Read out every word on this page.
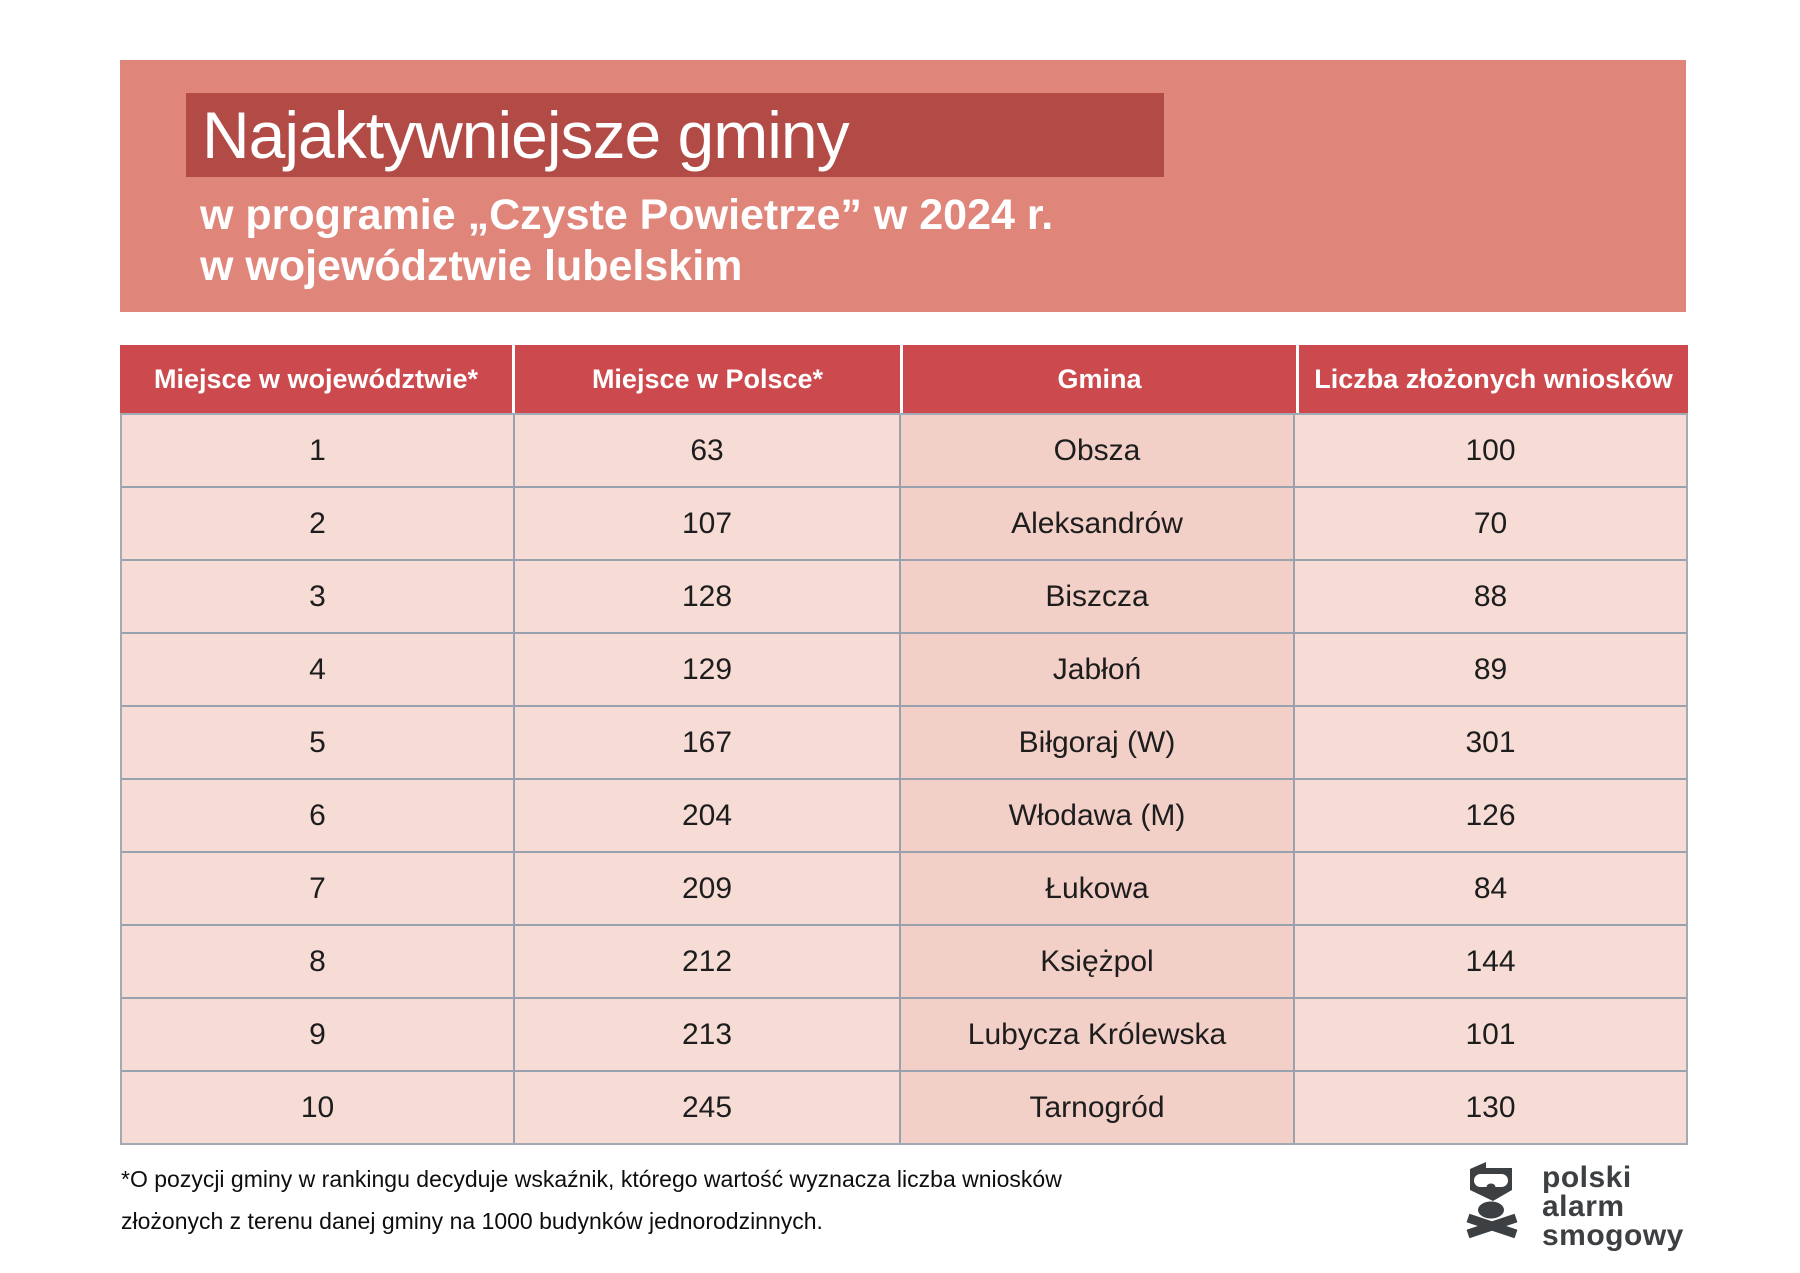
Najaktywniejsze gminy
w programie „Czyste Powietrze” w 2024 r.
w województwie lubelskim
Miejsce w województwie*	Miejsce w Polsce*	Gmina	Liczba złożonych wniosków
1	63	Obsza	100
2	107	Aleksandrów	70
3	128	Biszcza	88
4	129	Jabłoń	89
5	167	Biłgoraj (W)	301
6	204	Włodawa (M)	126
7	209	Łukowa	84
8	212	Księżpol	144
9	213	Lubycza Królewska	101
10	245	Tarnogród	130
*O pozycji gminy w rankingu decyduje wskaźnik, którego wartość wyznacza liczba wniosków
złożonych z terenu danej gminy na 1000 budynków jednorodzinnych.
polski
alarm
smogowy
